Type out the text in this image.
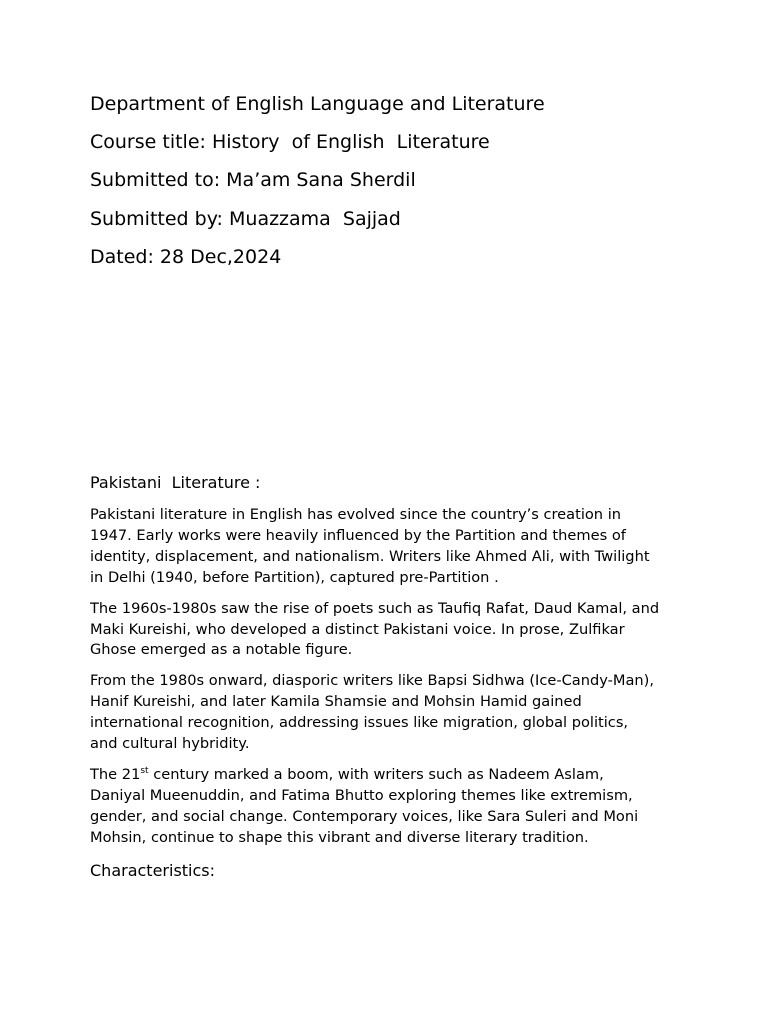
Department of English Language and Literature
Course title: History  of English  Literature
Submitted to: Ma’am Sana Sherdil
Submitted by: Muazzama  Sajjad
Dated: 28 Dec,2024
Pakistani  Literature :
Pakistani literature in English has evolved since the country’s creation in
1947. Early works were heavily influenced by the Partition and themes of
identity, displacement, and nationalism. Writers like Ahmed Ali, with Twilight
in Delhi (1940, before Partition), captured pre-Partition .
The 1960s-1980s saw the rise of poets such as Taufiq Rafat, Daud Kamal, and
Maki Kureishi, who developed a distinct Pakistani voice. In prose, Zulfikar
Ghose emerged as a notable figure.
From the 1980s onward, diasporic writers like Bapsi Sidhwa (Ice-Candy-Man),
Hanif Kureishi, and later Kamila Shamsie and Mohsin Hamid gained
international recognition, addressing issues like migration, global politics,
and cultural hybridity.
The 21st century marked a boom, with writers such as Nadeem Aslam,
Daniyal Mueenuddin, and Fatima Bhutto exploring themes like extremism,
gender, and social change. Contemporary voices, like Sara Suleri and Moni
Mohsin, continue to shape this vibrant and diverse literary tradition.
Characteristics:
